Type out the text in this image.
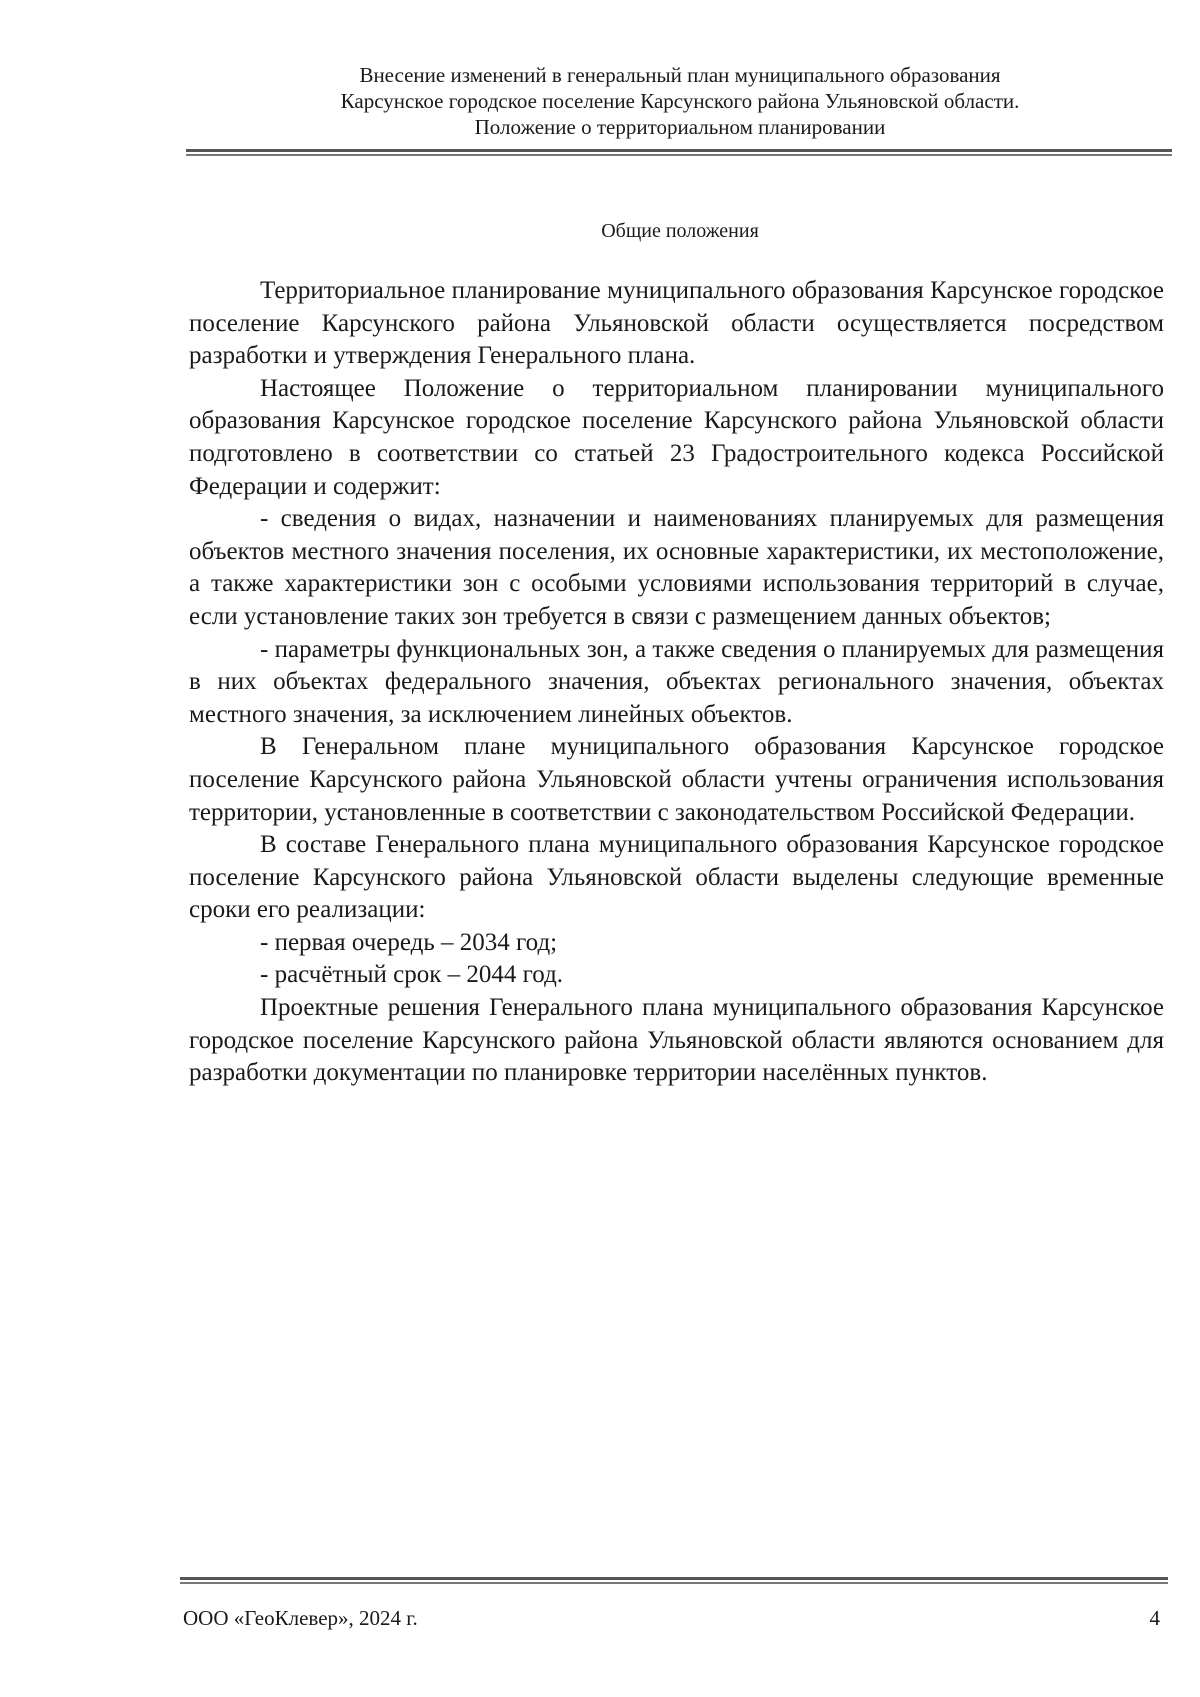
Внесение изменений в генеральный план муниципального образования
Карсунское городское поселение Карсунского района Ульяновской области.
Положение о территориальном планировании
Общие положения

Территориальное планирование муниципального образования Карсунское городское поселение Карсунского района Ульяновской области осуществляется посредством разработки и утверждения Генерального плана.

Настоящее Положение о территориальном планировании муниципального образования Карсунское городское поселение Карсунского района Ульяновской области подготовлено в соответствии со статьей 23 Градостроительного кодекса Российской Федерации и содержит:

- сведения о видах, назначении и наименованиях планируемых для размещения объектов местного значения поселения, их основные характеристики, их местоположение, а также характеристики зон с особыми условиями использования территорий в случае, если установление таких зон требуется в связи с размещением данных объектов;

- параметры функциональных зон, а также сведения о планируемых для размещения в них объектах федерального значения, объектах регионального значения, объектах местного значения, за исключением линейных объектов.

В Генеральном плане муниципального образования Карсунское городское поселение Карсунского района Ульяновской области учтены ограничения использования территории, установленные в соответствии с законодательством Российской Федерации.

В составе Генерального плана муниципального образования Карсунское городское поселение Карсунского района Ульяновской области выделены следующие временные сроки его реализации:

- первая очередь – 2034 год;

- расчётный срок – 2044 год.

Проектные решения Генерального плана муниципального образования Карсунское городское поселение Карсунского района Ульяновской области являются основанием для разработки документации по планировке территории населённых пунктов.

ООО «ГеоКлевер», 2024 г.	4
